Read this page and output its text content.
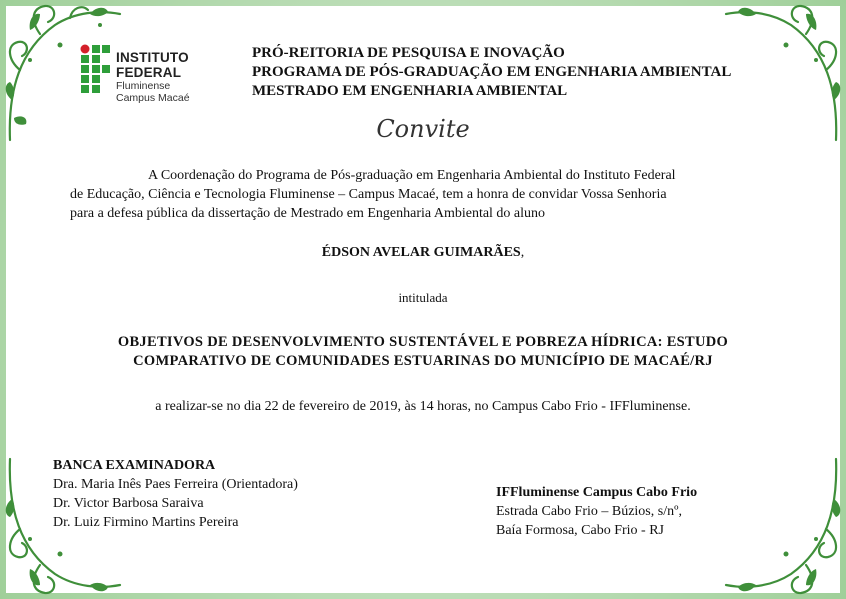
INSTITUTO FEDERAL
Fluminense
Campus Macaé
PRÓ-REITORIA DE PESQUISA E INOVAÇÃO
PROGRAMA DE PÓS-GRADUAÇÃO EM ENGENHARIA AMBIENTAL
MESTRADO EM ENGENHARIA AMBIENTAL
Convite
A Coordenação do Programa de Pós-graduação em Engenharia Ambiental do Instituto Federal
de Educação, Ciência e Tecnologia Fluminense – Campus Macaé, tem a honra de convidar Vossa Senhoria
para a defesa pública da dissertação de Mestrado em Engenharia Ambiental do aluno
ÉDSON AVELAR GUIMARÃES,
intitulada
OBJETIVOS DE DESENVOLVIMENTO SUSTENTÁVEL E POBREZA HÍDRICA: ESTUDO
COMPARATIVO DE COMUNIDADES ESTUARINAS DO MUNICÍPIO DE MACAÉ/RJ
a realizar-se no dia 22 de fevereiro de 2019, às 14 horas, no Campus Cabo Frio - IFFluminense.
BANCA EXAMINADORA
Dra. Maria Inês Paes Ferreira (Orientadora)
Dr. Victor Barbosa Saraiva
Dr. Luiz Firmino Martins Pereira
IFFluminense Campus Cabo Frio
Estrada Cabo Frio – Búzios, s/nº,
Baía Formosa, Cabo Frio - RJ
